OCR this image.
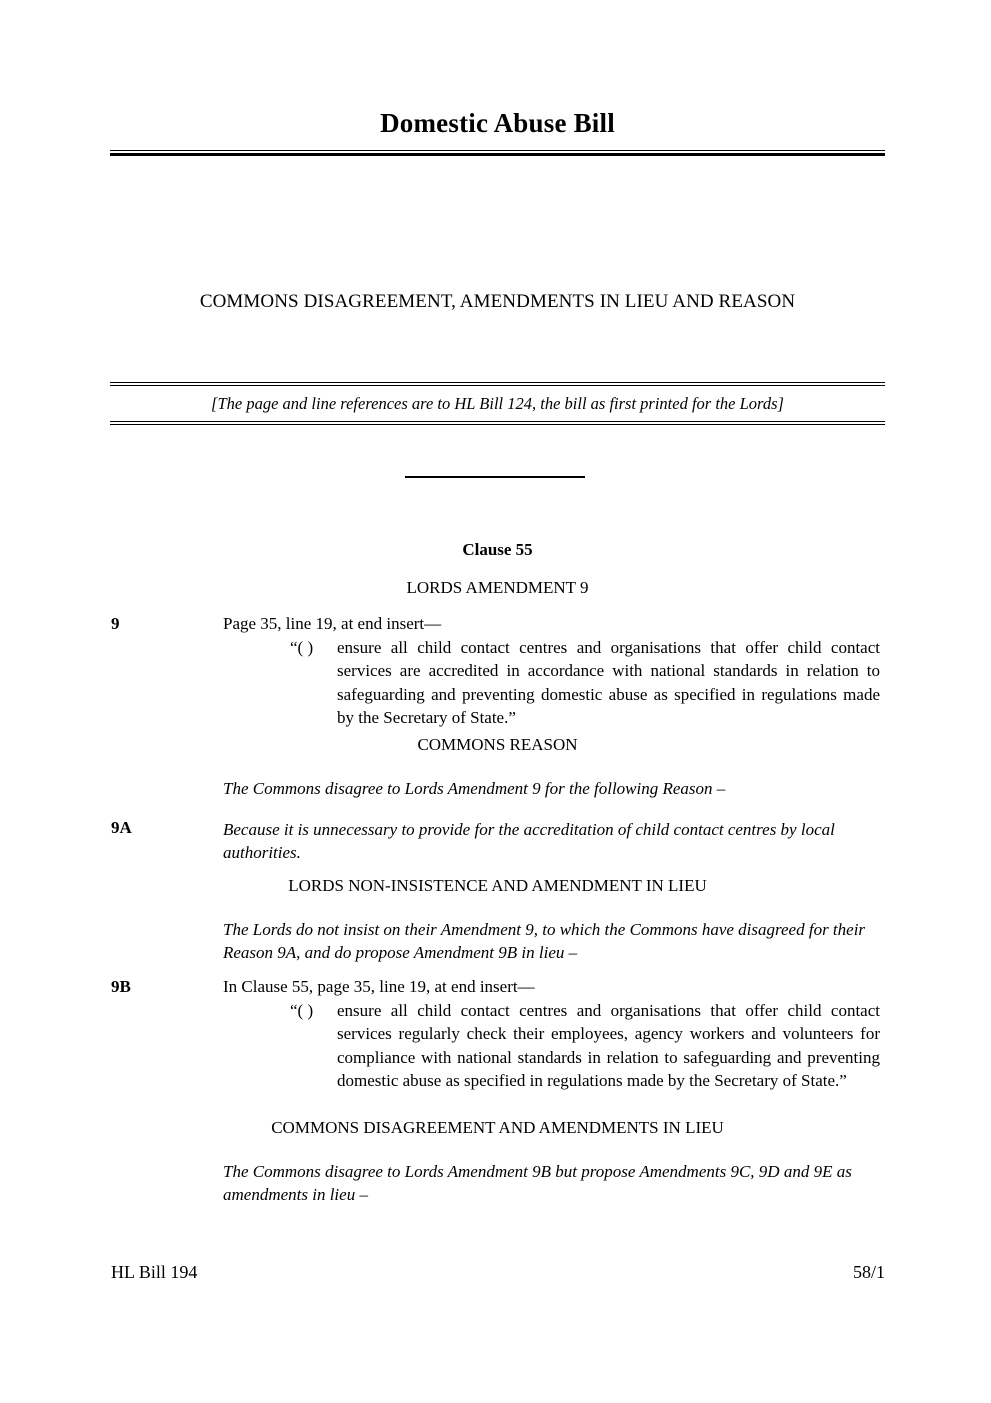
Domestic Abuse Bill
COMMONS DISAGREEMENT, AMENDMENTS IN LIEU AND REASON
[The page and line references are to HL Bill 124, the bill as first printed for the Lords]
Clause 55
LORDS AMENDMENT 9
9	Page 35, line 19, at end insert—
“( )	ensure all child contact centres and organisations that offer child contact services are accredited in accordance with national standards in relation to safeguarding and preventing domestic abuse as specified in regulations made by the Secretary of State.”
COMMONS REASON
The Commons disagree to Lords Amendment 9 for the following Reason –
9A	Because it is unnecessary to provide for the accreditation of child contact centres by local authorities.
LORDS NON-INSISTENCE AND AMENDMENT IN LIEU
The Lords do not insist on their Amendment 9, to which the Commons have disagreed for their Reason 9A, and do propose Amendment 9B in lieu –
9B	In Clause 55, page 35, line 19, at end insert—
“( )	ensure all child contact centres and organisations that offer child contact services regularly check their employees, agency workers and volunteers for compliance with national standards in relation to safeguarding and preventing domestic abuse as specified in regulations made by the Secretary of State.”
COMMONS DISAGREEMENT AND AMENDMENTS IN LIEU
The Commons disagree to Lords Amendment 9B but propose Amendments 9C, 9D and 9E as amendments in lieu –
HL Bill 194	58/1
